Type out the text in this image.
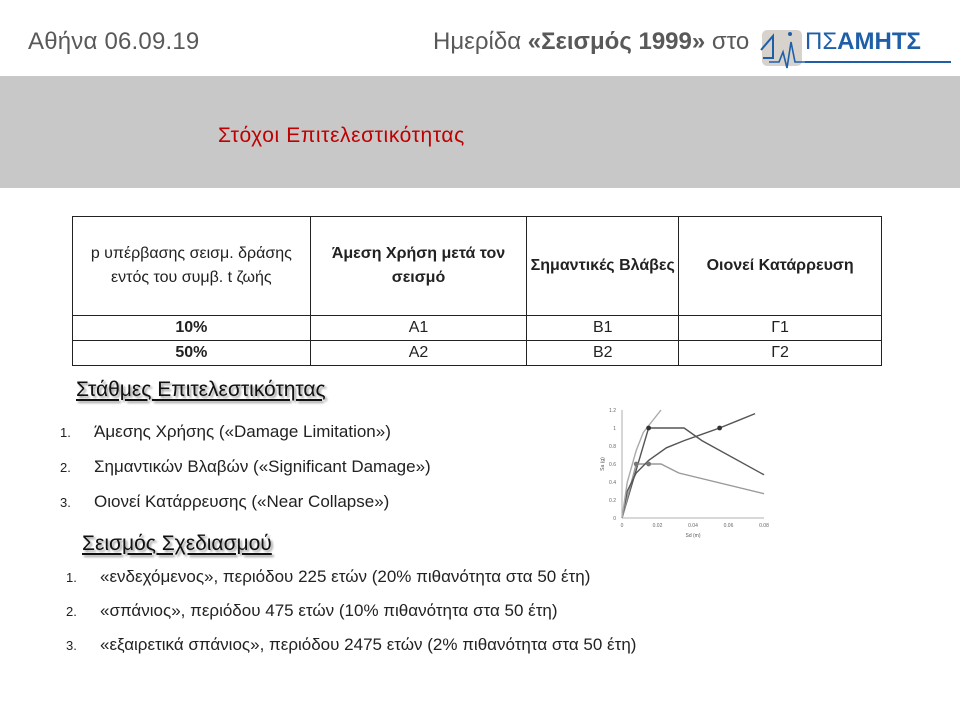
Αθήνα 06.09.19	Ημερίδα «Σεισμός 1999» στο ΠΣΑΜΗΤΣ
Στόχοι Επιτελεστικότητας
p υπέρβασης σεισμ. δράσης εντός του συμβ. t ζωής	Άμεση Χρήση μετά τον σεισμό	Σημαντικές Βλάβες	Οιονεί Κατάρρευση
10%	Α1	Β1	Γ1
50%	Α2	Β2	Γ2
Στάθμες Επιτελεστικότητας
1. Άμεσης Χρήσης («Damage Limitation»)
2. Σημαντικών Βλαβών («Significant Damage»)
3. Οιονεί Κατάρρευσης («Near Collapse»)
0
0.2
0.4
0.6
0.8
1
1.2
0	0.02	0.04	0.06	0.08
Sd (m)
Sa (g)
Σεισμός Σχεδιασμού
1. «ενδεχόμενος», περιόδου 225 ετών (20% πιθανότητα στα 50 έτη)
2. «σπάνιος», περιόδου 475 ετών (10% πιθανότητα στα 50 έτη)
3. «εξαιρετικά σπάνιος», περιόδου 2475 ετών (2% πιθανότητα στα 50 έτη)
